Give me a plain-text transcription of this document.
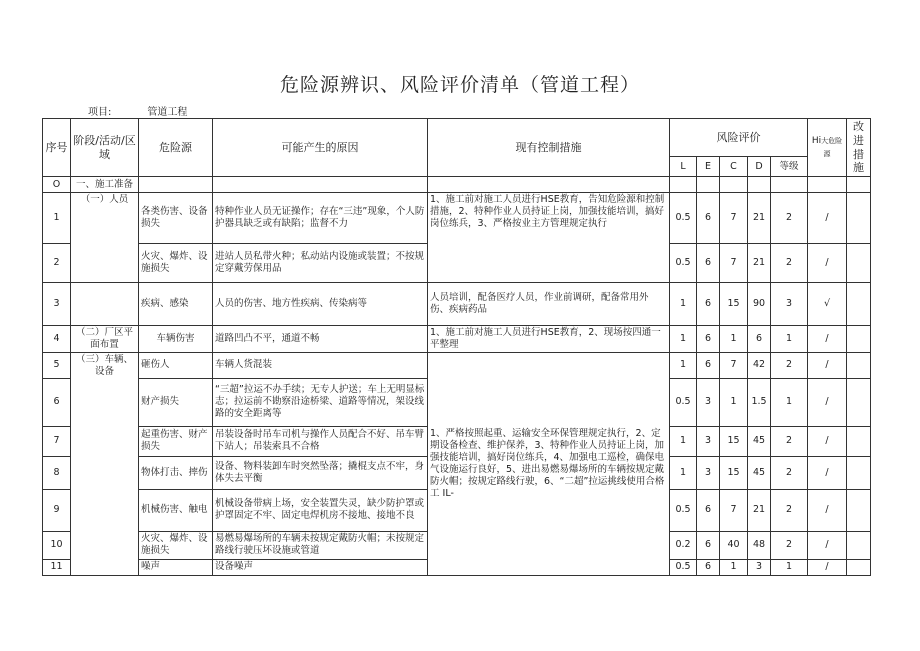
危险源辨识、风险评价清单（管道工程）
项目:	管道工程
序号	阶段/活动/区域	危险源	可能产生的原因	现有控制措施	风险评价					Hi大危险源	改进措施
					L	E	C	D	等级		
O	一、施工准备										
1	（一）人员	各类伤害、设备损失	特种作业人员无证操作；存在“三违”现象，个人防护器具缺乏或有缺陷；监督不力	1、施工前对施工人员进行HSE教育，告知危险源和控制措施，2、特种作业人员持证上岗，加强技能培训，搞好岗位练兵，3、严格按业主方管理规定执行	0.5	6	7	21	2	/	
2		火灾、爆炸、设施损失	进站人员私带火种；私动站内设施或装置；不按规定穿戴劳保用品		0.5	6	7	21	2	/	
3		疾病、感染	人员的伤害、地方性疾病、传染病等	人员培训，配备医疗人员，作业前调研，配备常用外伤、疾病药品	1	6	15	90	3	√	
4	（二）厂区平面布置	车辆伤害	道路凹凸不平，通道不畅	1、施工前对施工人员进行HSE教育，2、现场按四通一平整理	1	6	1	6	1	/	
5	（三）车辆、设备	砸伤人	车辆人货混装	1、严格按照起重、运输安全环保管理规定执行，2、定期设备检查、维护保养，3、特种作业人员持证上岗，加强技能培训，搞好岗位练兵，4、加强电工巡检，确保电气设施运行良好，5、进出易燃易爆场所的车辆按规定戴防火帽；按规定路线行驶，6、“二超”拉运挑线使用合格工 IL-	1	6	7	42	2	/	
6		财产损失	“三超”拉运不办手续；无专人护送；车上无明显标志；拉运前不勘察沿途桥梁、道路等情况，架设线路的安全距离等		0.5	3	1	1.5	1	/	
7		起重伤害、财产损失	吊装设备时吊车司机与操作人员配合不好、吊车臂下站人；吊装索具不合格		1	3	15	45	2	/	
8		物体打击、摔伤	设备、物料装卸车时突然坠落；撬棍支点不牢，身体失去平衡		1	3	15	45	2	/	
9		机械伤害、触电	机械设备带病上场，安全装置失灵，缺少防护罩或护罩固定不牢、固定电焊机房不接地、接地不良		0.5	6	7	21	2	/	
10		火灾、爆炸、设施损失	易燃易爆场所的车辆未按规定戴防火帽；未按规定路线行驶压坏设施或管道		0.2	6	40	48	2	/	
11		噪声	设备噪声		0.5	6	1	3	1	/	
